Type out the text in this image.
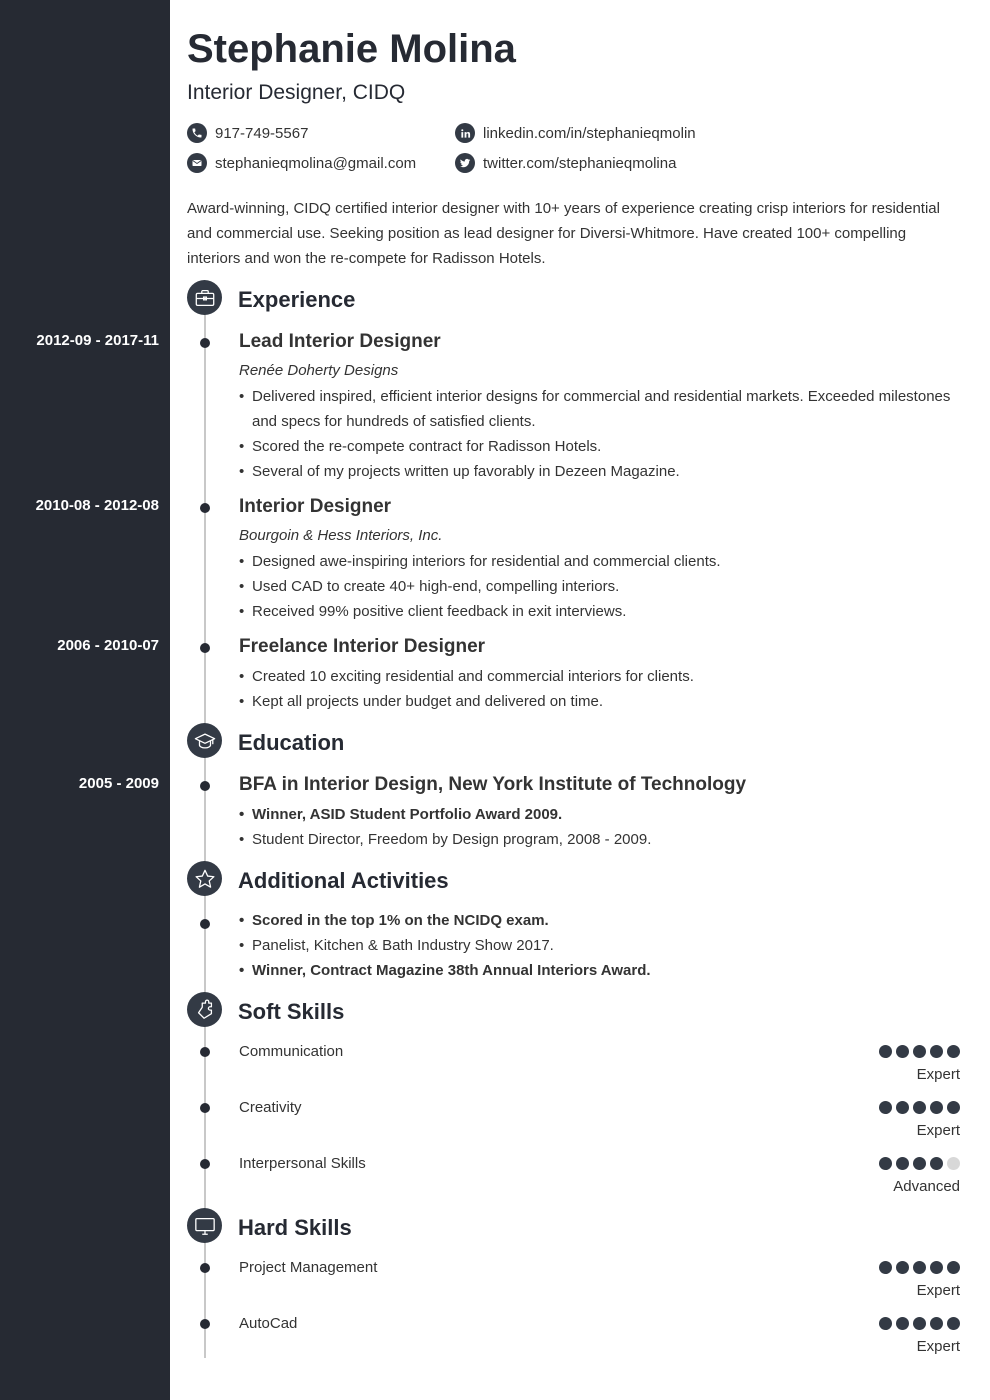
Stephanie Molina
Interior Designer, CIDQ
917-749-5567
stephanieqmolina@gmail.com
linkedin.com/in/stephanieqmolin
twitter.com/stephanieqmolina
Award-winning, CIDQ certified interior designer with 10+ years of experience creating crisp interiors for residential and commercial use. Seeking position as lead designer for Diversi-Whitmore. Have created 100+ compelling interiors and won the re-compete for Radisson Hotels.
Experience
2012-09 - 2017-11	Lead Interior Designer
Renée Doherty Designs
• Delivered inspired, efficient interior designs for commercial and residential markets. Exceeded milestones and specs for hundreds of satisfied clients.
• Scored the re-compete contract for Radisson Hotels.
• Several of my projects written up favorably in Dezeen Magazine.
2010-08 - 2012-08	Interior Designer
Bourgoin & Hess Interiors, Inc.
• Designed awe-inspiring interiors for residential and commercial clients.
• Used CAD to create 40+ high-end, compelling interiors.
• Received 99% positive client feedback in exit interviews.
2006 - 2010-07	Freelance Interior Designer
• Created 10 exciting residential and commercial interiors for clients.
• Kept all projects under budget and delivered on time.
Education
2005 - 2009	BFA in Interior Design, New York Institute of Technology
• Winner, ASID Student Portfolio Award 2009.
• Student Director, Freedom by Design program, 2008 - 2009.
Additional Activities
• Scored in the top 1% on the NCIDQ exam.
• Panelist, Kitchen & Bath Industry Show 2017.
• Winner, Contract Magazine 38th Annual Interiors Award.
Soft Skills
Communication
Expert
Creativity
Expert
Interpersonal Skills
Advanced
Hard Skills
Project Management
Expert
AutoCad
Expert
